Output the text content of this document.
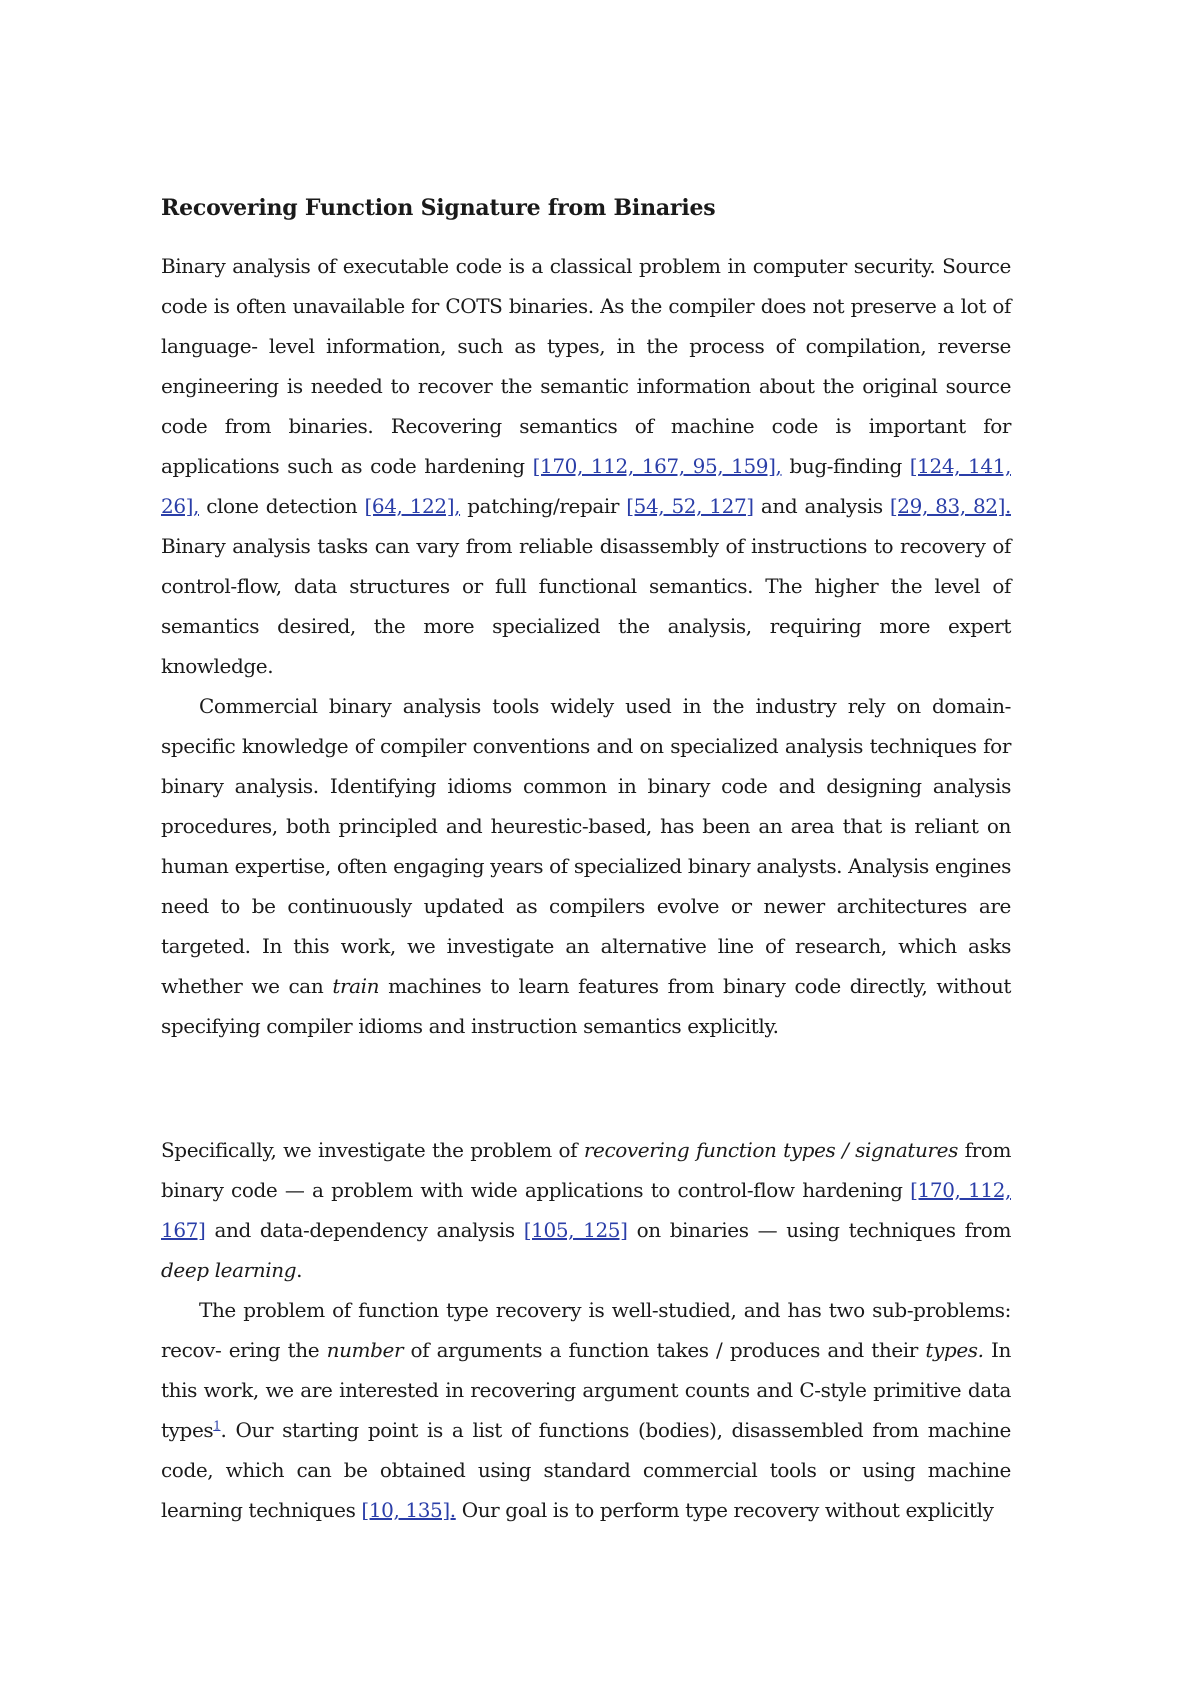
Recovering Function Signature from Binaries

Binary analysis of executable code is a classical problem in computer security. Source code is often unavailable for COTS binaries. As the compiler does not preserve a lot of language- level information, such as types, in the process of compilation, reverse engineering is needed to recover the semantic information about the original source code from binaries. Recovering semantics of machine code is important for applications such as code hardening [170, 112, 167, 95, 159], bug-finding [124, 141, 26], clone detection [64, 122], patching/repair [54, 52, 127] and analysis [29, 83, 82]. Binary analysis tasks can vary from reliable disassembly of instructions to recovery of control-flow, data structures or full functional semantics. The higher the level of semantics desired, the more specialized the analysis, requiring more expert knowledge.

Commercial binary analysis tools widely used in the industry rely on domain-specific knowledge of compiler conventions and on specialized analysis techniques for binary analysis. Identifying idioms common in binary code and designing analysis procedures, both principled and heurestic-based, has been an area that is reliant on human expertise, often engaging years of specialized binary analysts. Analysis engines need to be continuously updated as compilers evolve or newer architectures are targeted. In this work, we investigate an alternative line of research, which asks whether we can train machines to learn features from binary code directly, without specifying compiler idioms and instruction semantics explicitly.

Specifically, we investigate the problem of recovering function types / signatures from binary code — a problem with wide applications to control-flow hardening [170, 112, 167] and data-dependency analysis [105, 125] on binaries — using techniques from deep learning.

The problem of function type recovery is well-studied, and has two sub-problems: recov- ering the number of arguments a function takes / produces and their types. In this work, we are interested in recovering argument counts and C-style primitive data types$^1$. Our starting point is a list of functions (bodies), disassembled from machine code, which can be obtained using standard commercial tools or using machine learning techniques [10, 135]. Our goal is to perform type recovery without explicitly
